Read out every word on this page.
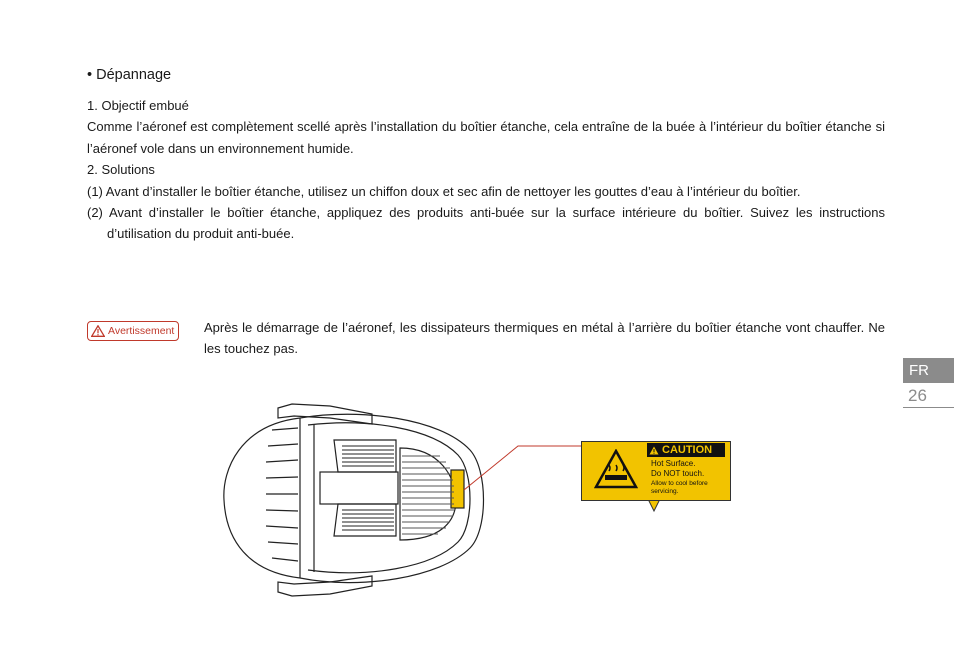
• Dépannage
1. Objectif embué
Comme l’aéronef est complètement scellé après l’installation du boîtier étanche, cela entraîne de la buée à l’intérieur du boîtier étanche si l’aéronef vole dans un environnement humide.
2. Solutions
(1) Avant d’installer le boîtier étanche, utilisez un chiffon doux et sec afin de nettoyer les gouttes d’eau à l’intérieur du boîtier.
(2) Avant d’installer le boîtier étanche, appliquez des produits anti-buée sur la surface intérieure du boîtier. Suivez les instructions d’utilisation du produit anti-buée.
Avertissement Après le démarrage de l’aéronef, les dissipateurs thermiques en métal à l’arrière du boîtier étanche vont chauffer. Ne les touchez pas.
FR
26
CAUTION
Hot Surface.
Do NOT touch.
Allow to cool before servicing.
